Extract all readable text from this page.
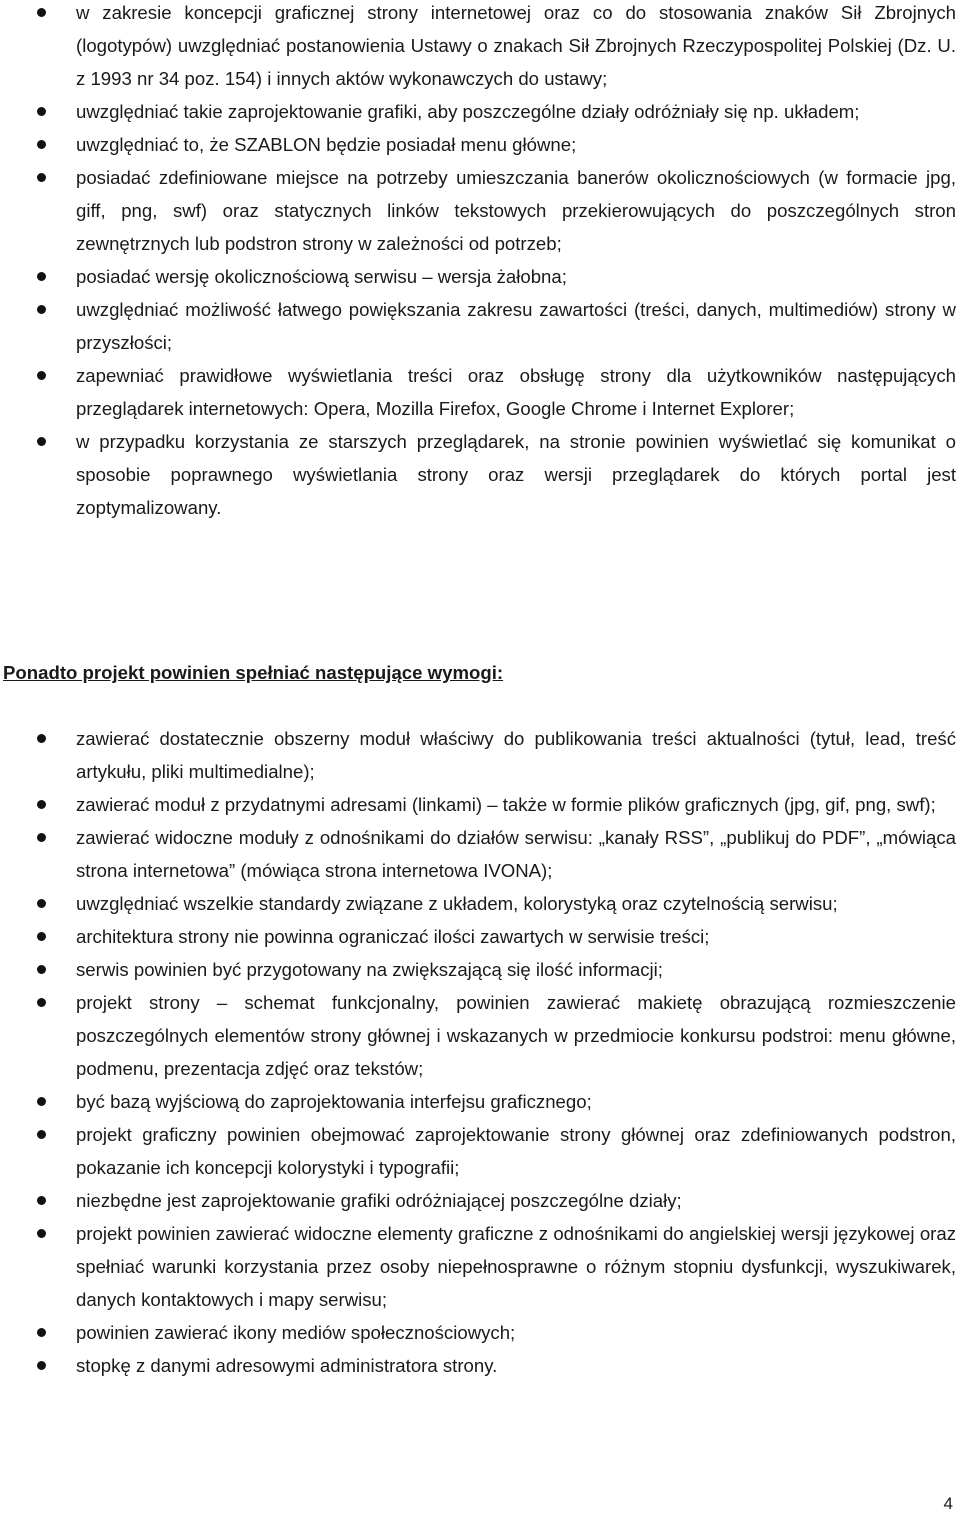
w zakresie koncepcji graficznej strony internetowej oraz co do stosowania znaków Sił Zbrojnych (logotypów) uwzględniać postanowienia Ustawy o znakach Sił Zbrojnych Rzeczypospolitej Polskiej (Dz. U. z 1993 nr 34 poz. 154) i innych aktów wykonawczych do ustawy;
uwzględniać takie zaprojektowanie grafiki, aby poszczególne działy odróżniały się np. układem;
uwzględniać to, że SZABLON będzie posiadał menu główne;
posiadać zdefiniowane miejsce na potrzeby umieszczania banerów okolicznościowych (w formacie jpg, giff, png, swf) oraz statycznych linków tekstowych przekierowujących do poszczególnych stron zewnętrznych lub podstron strony w zależności od potrzeb;
posiadać wersję okolicznościową serwisu – wersja żałobna;
uwzględniać możliwość łatwego powiększania zakresu zawartości (treści, danych, multimediów) strony w przyszłości;
zapewniać prawidłowe wyświetlania treści oraz obsługę strony dla użytkowników następujących przeglądarek internetowych: Opera, Mozilla Firefox, Google Chrome i Internet Explorer;
w przypadku korzystania ze starszych przeglądarek, na stronie powinien wyświetlać się komunikat o sposobie poprawnego wyświetlania strony oraz wersji przeglądarek do których portal jest zoptymalizowany.

Ponadto projekt powinien spełniać następujące wymogi:

zawierać dostatecznie obszerny moduł właściwy do publikowania treści aktualności (tytuł, lead, treść artykułu, pliki multimedialne);
zawierać moduł z przydatnymi adresami (linkami) – także w formie plików graficznych (jpg, gif, png, swf);
zawierać widoczne moduły z odnośnikami do działów serwisu: „kanały RSS”, „publikuj do PDF”, „mówiąca strona internetowa” (mówiąca strona internetowa IVONA);
uwzględniać wszelkie standardy związane z układem, kolorystyką oraz czytelnością serwisu;
architektura strony nie powinna ograniczać ilości zawartych w serwisie treści;
serwis powinien być przygotowany na zwiększającą się ilość informacji;
projekt strony – schemat funkcjonalny, powinien zawierać makietę obrazującą rozmieszczenie poszczególnych elementów strony głównej i wskazanych w przedmiocie konkursu podstroi: menu główne, podmenu, prezentacja zdjęć oraz tekstów;
być bazą wyjściową do zaprojektowania interfejsu graficznego;
projekt graficzny powinien obejmować zaprojektowanie strony głównej oraz zdefiniowanych podstron, pokazanie ich koncepcji kolorystyki i typografii;
niezbędne jest zaprojektowanie grafiki odróżniającej poszczególne działy;
projekt powinien zawierać widoczne elementy graficzne z odnośnikami do angielskiej wersji językowej oraz spełniać warunki korzystania przez osoby niepełnosprawne o różnym stopniu dysfunkcji, wyszukiwarek, danych kontaktowych i mapy serwisu;
powinien zawierać ikony mediów społecznościowych;
stopkę z danymi adresowymi administratora strony.
4
